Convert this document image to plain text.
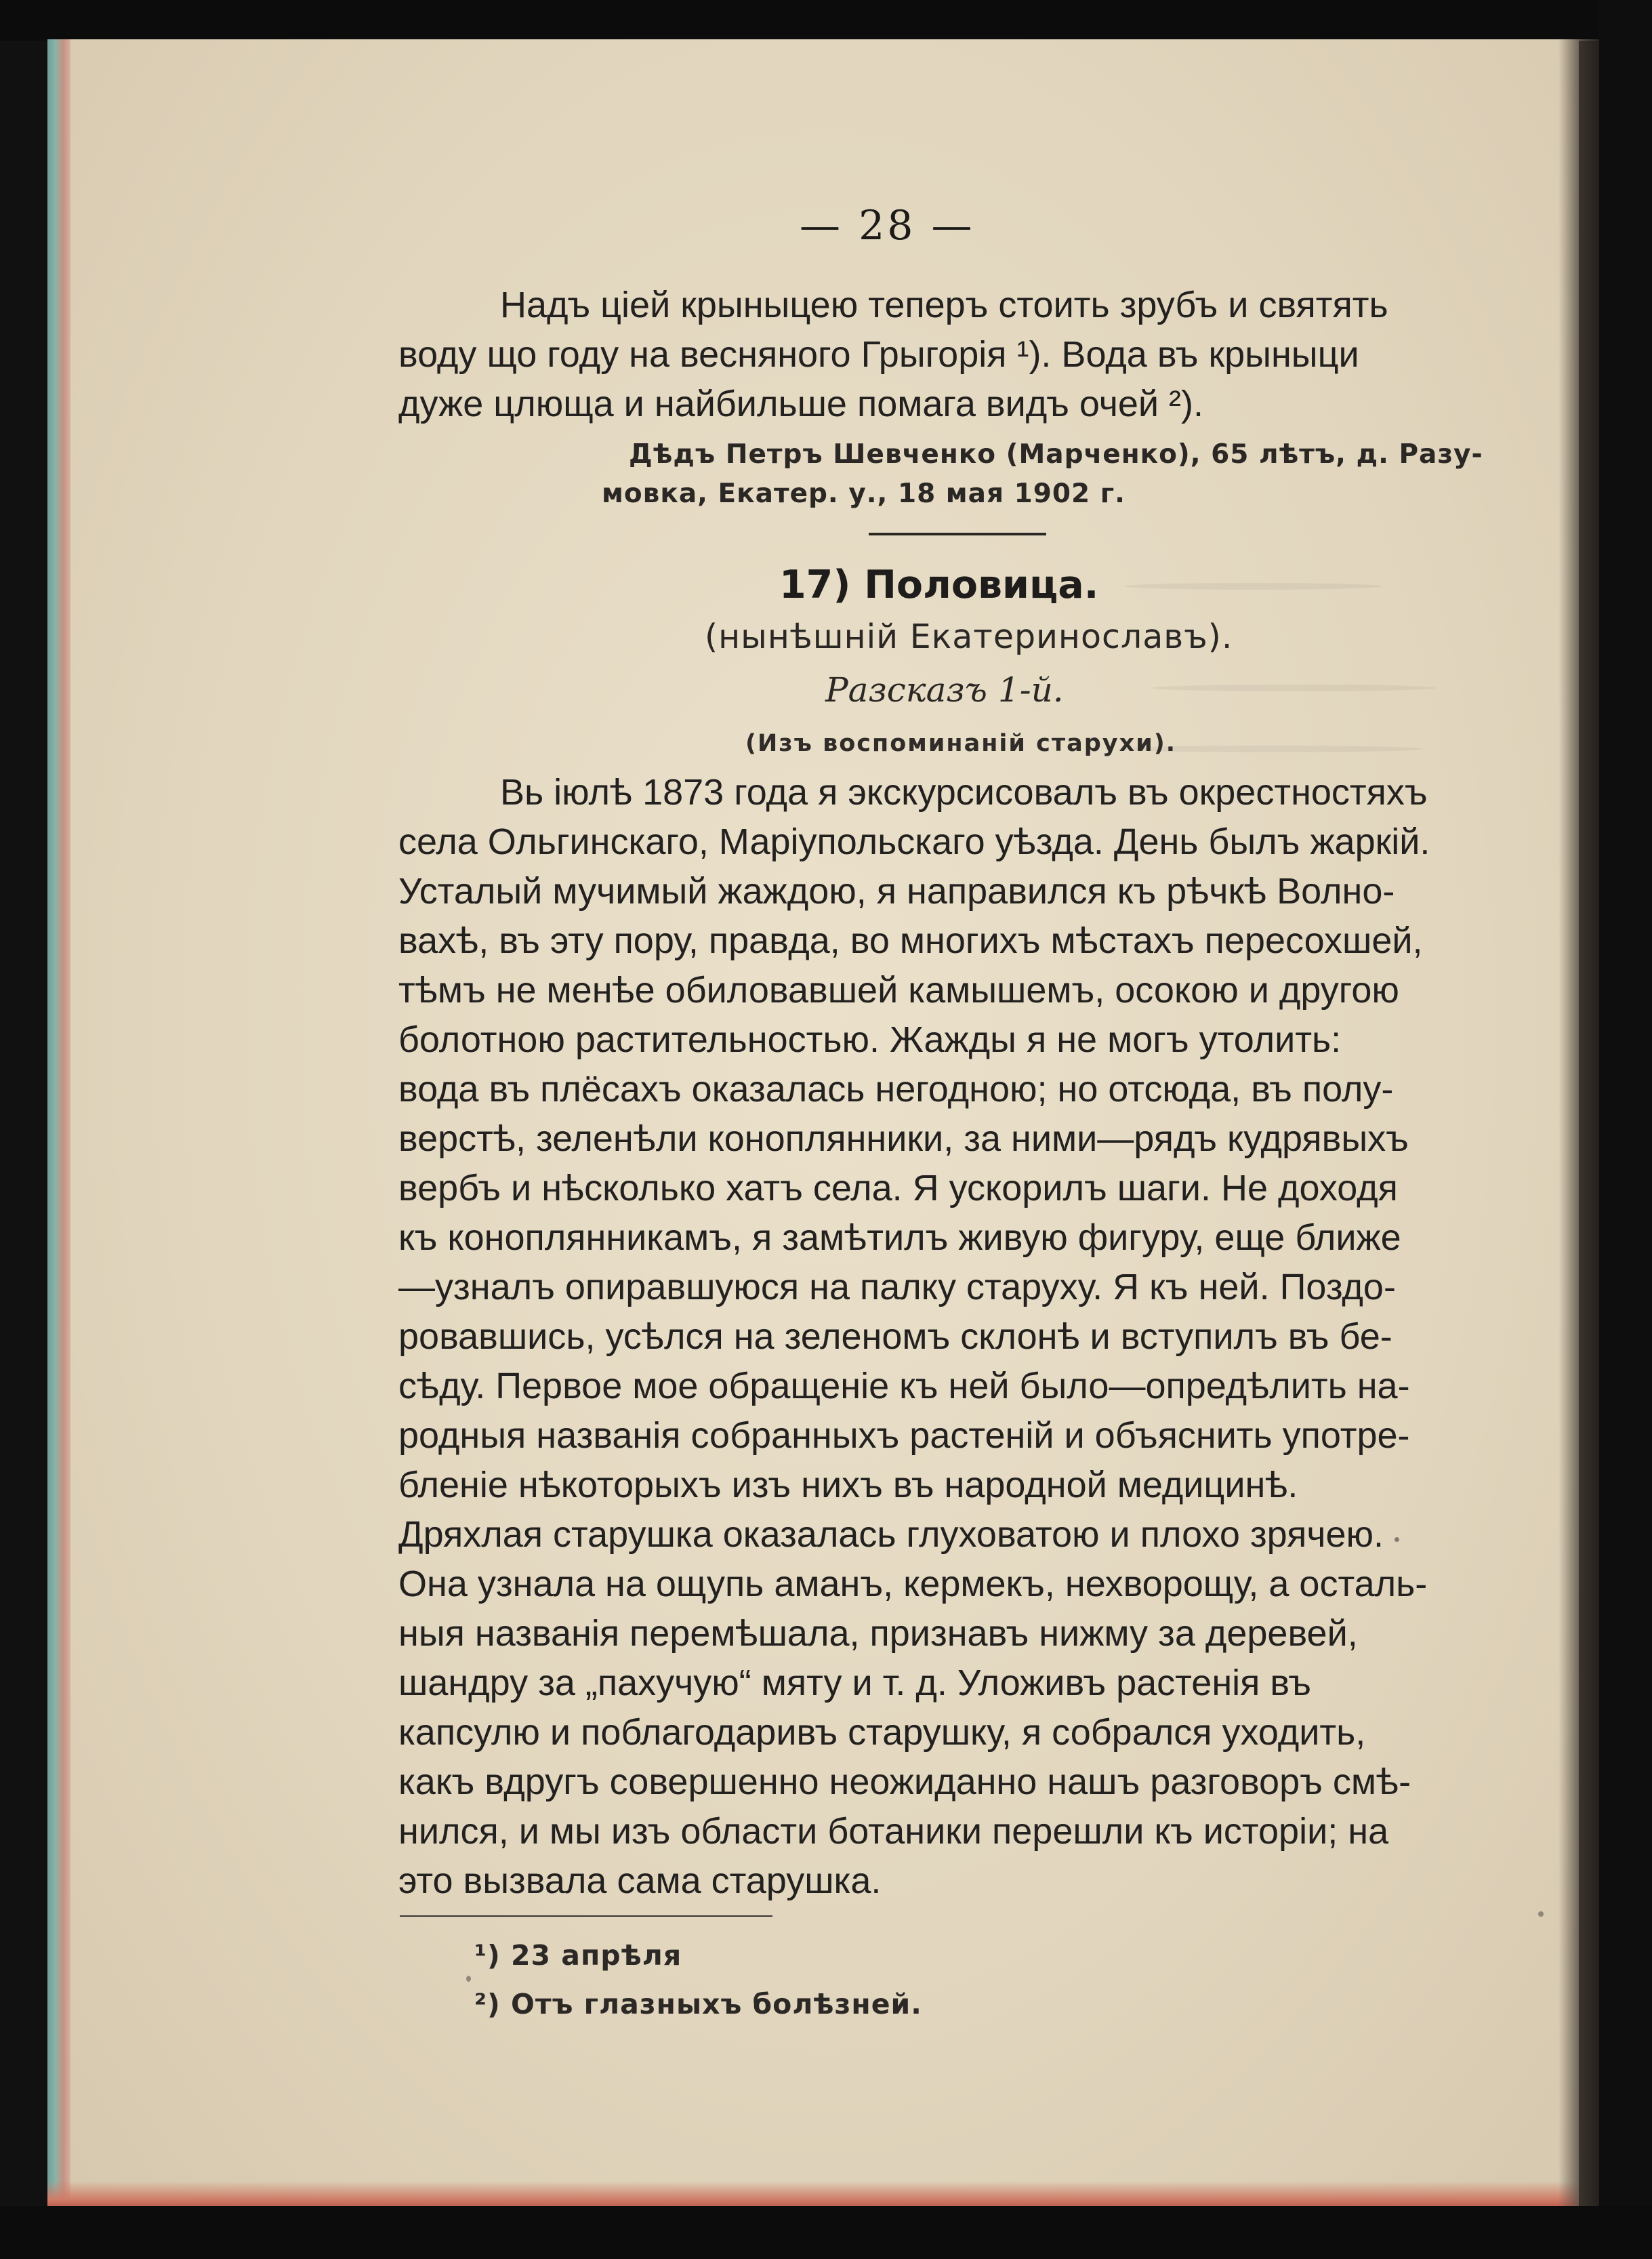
— 28 —
Надъ цiей крыныцею теперъ стоить зрубъ и святять
воду що году на весняного Грыгорiя ¹). Вода въ крыныци
дуже цлюща и найбильше помага видъ очей ²).
Дѣдъ Петръ Шевченко (Марченко), 65 лѣтъ, д. Разу-
мовка, Екатер. у., 18 мая 1902 г.
17) Половица.
(нынѣшнiй Екатеринославъ).
Разсказъ 1-й.
(Изъ воспоминанiй старухи).
Вь iюлѣ 1873 года я экскурсисовалъ въ окрестностяхъ
села Ольгинскаго, Марiупольскаго уѣзда. День былъ жаркiй.
Усталый мучимый жаждою, я направился къ рѣчкѣ Волно-
вахѣ, въ эту пору, правда, во многихъ мѣстахъ пересохшей,
тѣмъ не менѣе обиловавшей камышемъ, осокою и другою
болотною растительностью. Жажды я не могъ утолить:
вода въ плёсахъ оказалась негодною; но отсюда, въ полу-
верстѣ, зеленѣли коноплянники, за ними—рядъ кудрявыхъ
вербъ и нѣсколько хатъ села. Я ускорилъ шаги. Не доходя
къ коноплянникамъ, я замѣтилъ живую фигуру, еще ближе
—узналъ опиравшуюся на палку старуху. Я къ ней. Поздо-
ровавшись, усѣлся на зеленомъ склонѣ и вступилъ въ бе-
сѣду. Первое мое обращенiе къ ней было—опредѣлить на-
родныя названiя собранныхъ растенiй и объяснить употре-
бленiе нѣкоторыхъ изъ нихъ въ народной медицинѣ.
Дряхлая старушка оказалась глуховатою и плохо зрячею.
Она узнала на ощупь аманъ, кермекъ, нехворощу, а осталь-
ныя названiя перемѣшала, признавъ нижму за деревей,
шандру за „пахучую“ мяту и т. д. Уложивъ растенiя въ
капсулю и поблагодаривъ старушку, я собрался уходить,
какъ вдругъ совершенно неожиданно нашъ разговоръ смѣ-
нился, и мы изъ области ботаники перешли къ исторiи; на
это вызвала сама старушка.
¹) 23 апрѣля
²) Отъ глазныхъ болѣзней.
